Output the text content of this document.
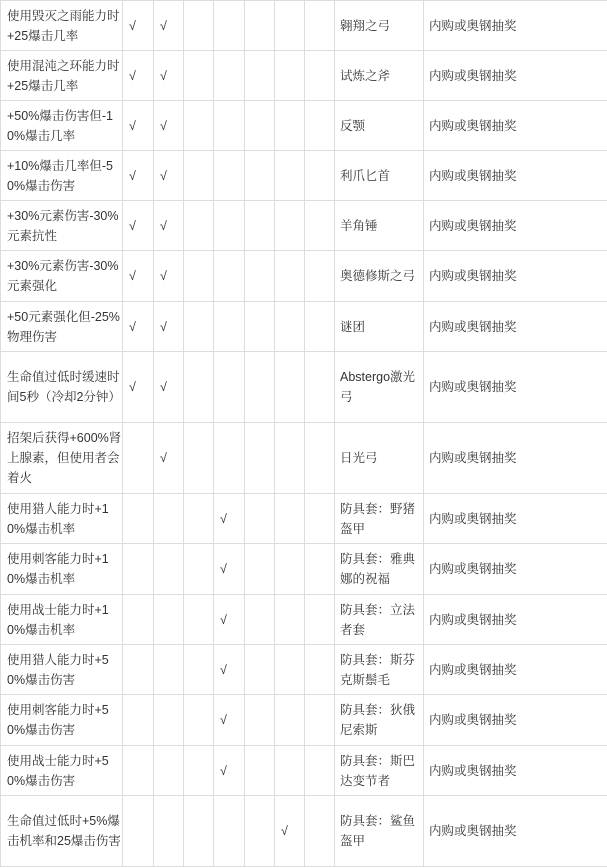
使用毁灭之雨能力时+25爆击几率	√	√						翱翔之弓	内购或奥钢抽奖
使用混沌之环能力时+25爆击几率	√	√						试炼之斧	内购或奥钢抽奖
+50%爆击伤害但-10%爆击几率	√	√						反颚	内购或奥钢抽奖
+10%爆击几率但-50%爆击伤害	√	√						利爪匕首	内购或奥钢抽奖
+30%元素伤害-30%元素抗性	√	√						羊角锤	内购或奥钢抽奖
+30%元素伤害-30%元素强化	√	√						奥德修斯之弓	内购或奥钢抽奖
+50元素强化但-25%物理伤害	√	√						谜团	内购或奥钢抽奖
生命值过低时缓速时间5秒（冷却2分钟）	√	√						Abstergo激光弓	内购或奥钢抽奖
招架后获得+600%肾上腺素，但使用者会着火		√						日光弓	内购或奥钢抽奖
使用猎人能力时+10%爆击机率				√				防具套：野猪盔甲	内购或奥钢抽奖
使用刺客能力时+10%爆击机率				√				防具套：雅典娜的祝福	内购或奥钢抽奖
使用战士能力时+10%爆击机率				√				防具套：立法者套	内购或奥钢抽奖
使用猎人能力时+50%爆击伤害				√				防具套：斯芬克斯鬃毛	内购或奥钢抽奖
使用刺客能力时+50%爆击伤害				√				防具套：狄俄尼索斯	内购或奥钢抽奖
使用战士能力时+50%爆击伤害				√				防具套：斯巴达变节者	内购或奥钢抽奖
生命值过低时+5%爆击机率和25爆击伤害						√		防具套：鲨鱼盔甲	内购或奥钢抽奖
